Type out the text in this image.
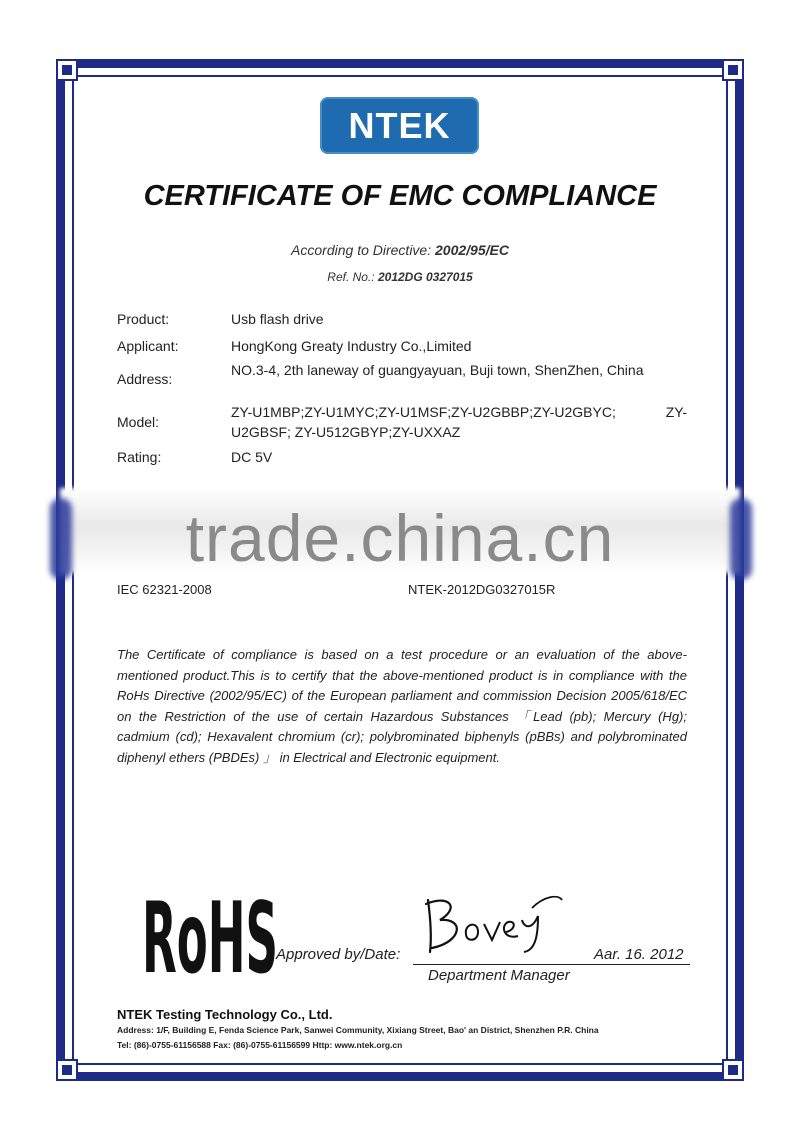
NTEK
CERTIFICATE OF EMC COMPLIANCE
According to Directive: 2002/95/EC
Ref. No.: 2012DG 0327015
Product:	Usb flash drive
Applicant:	HongKong Greaty Industry Co.,Limited
Address:
NO.3-4, 2th laneway of guangyayuan, Buji town, ShenZhen, China
Model:
ZY-U1MBP;ZY-U1MYC;ZY-U1MSF;ZY-U2GBBP;ZY-U2GBYC; ZY-U2GBSF; ZY-U512GBYP;ZY-UXXAZ
Rating:	DC 5V
trade.china.cn
IEC 62321-2008	NTEK-2012DG0327015R
The Certificate of compliance is based on a test procedure or an evaluation of the above-mentioned product.This is to certify that the above-mentioned product is in compliance with the RoHs Directive (2002/95/EC) of the European parliament and commission Decision 2005/618/EC on the Restriction of the use of certain Hazardous Substances 「Lead (pb); Mercury (Hg); cadmium (cd); Hexavalent chromium (cr); polybrominated biphenyls (pBBs) and polybrominated diphenyl ethers (PBDEs) 」 in Electrical and Electronic equipment.
RoHS
Approved by/Date:	Aar. 16. 2012
Department Manager
NTEK Testing Technology Co., Ltd.
Address: 1/F, Building E, Fenda Science Park, Sanwei Community, Xixiang Street, Bao' an District, Shenzhen P.R. China
Tel: (86)-0755-61156588 Fax: (86)-0755-61156599 Http: www.ntek.org.cn
